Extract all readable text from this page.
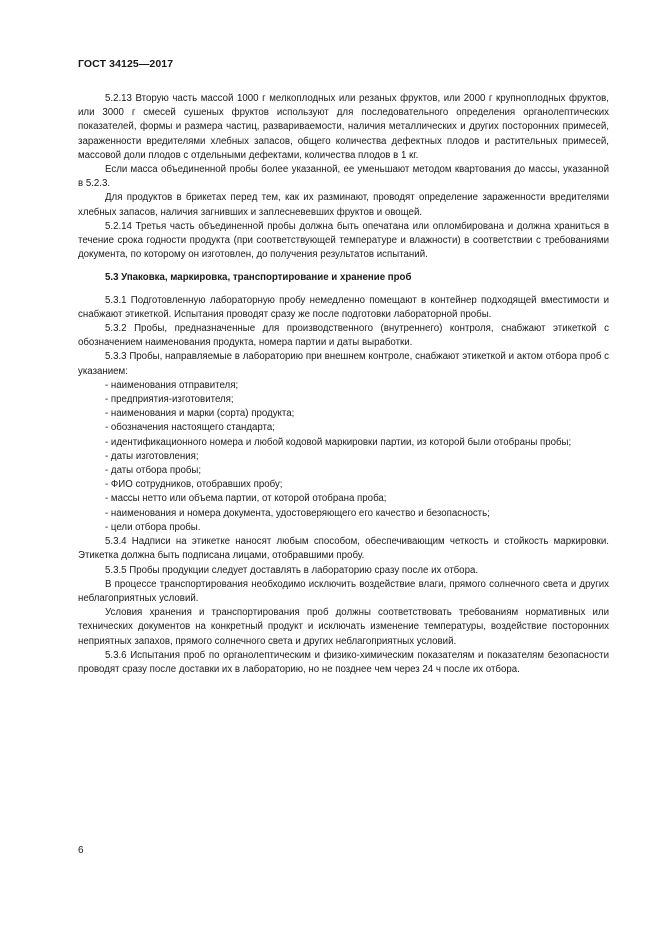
ГОСТ 34125—2017

5.2.13 Вторую часть массой 1000 г мелкоплодных или резаных фруктов, или 2000 г крупноплодных фруктов, или 3000 г смесей сушеных фруктов используют для последовательного определения органолептических показателей, формы и размера частиц, развариваемости, наличия металлических и других посторонних примесей, зараженности вредителями хлебных запасов, общего количества дефектных плодов и растительных примесей, массовой доли плодов с отдельными дефектами, количества плодов в 1 кг.

Если масса объединенной пробы более указанной, ее уменьшают методом квартования до массы, указанной в 5.2.3.

Для продуктов в брикетах перед тем, как их разминают, проводят определение зараженности вредителями хлебных запасов, наличия загнивших и заплесневевших фруктов и овощей.

5.2.14 Третья часть объединенной пробы должна быть опечатана или опломбирована и должна храниться в течение срока годности продукта (при соответствующей температуре и влажности) в соответствии с требованиями документа, по которому он изготовлен, до получения результатов испытаний.

5.3 Упаковка, маркировка, транспортирование и хранение проб

5.3.1 Подготовленную лабораторную пробу немедленно помещают в контейнер подходящей вместимости и снабжают этикеткой. Испытания проводят сразу же после подготовки лабораторной пробы.

5.3.2 Пробы, предназначенные для производственного (внутреннего) контроля, снабжают этикеткой с обозначением наименования продукта, номера партии и даты выработки.

5.3.3 Пробы, направляемые в лабораторию при внешнем контроле, снабжают этикеткой и актом отбора проб с указанием:

- наименования отправителя;

- предприятия-изготовителя;

- наименования и марки (сорта) продукта;

- обозначения настоящего стандарта;

- идентификационного номера и любой кодовой маркировки партии, из которой были отобраны пробы;

- даты изготовления;

- даты отбора пробы;

- ФИО сотрудников, отобравших пробу;

- массы нетто или объема партии, от которой отобрана проба;

- наименования и номера документа, удостоверяющего его качество и безопасность;

- цели отбора пробы.

5.3.4 Надписи на этикетке наносят любым способом, обеспечивающим четкость и стойкость маркировки. Этикетка должна быть подписана лицами, отобравшими пробу.

5.3.5 Пробы продукции следует доставлять в лабораторию сразу после их отбора.

В процессе транспортирования необходимо исключить воздействие влаги, прямого солнечного света и других неблагоприятных условий.

Условия хранения и транспортирования проб должны соответствовать требованиям нормативных или технических документов на конкретный продукт и исключать изменение температуры, воздействие посторонних неприятных запахов, прямого солнечного света и других неблагоприятных условий.

5.3.6 Испытания проб по органолептическим и физико-химическим показателям и показателям безопасности проводят сразу после доставки их в лабораторию, но не позднее чем через 24 ч после их отбора.

6
